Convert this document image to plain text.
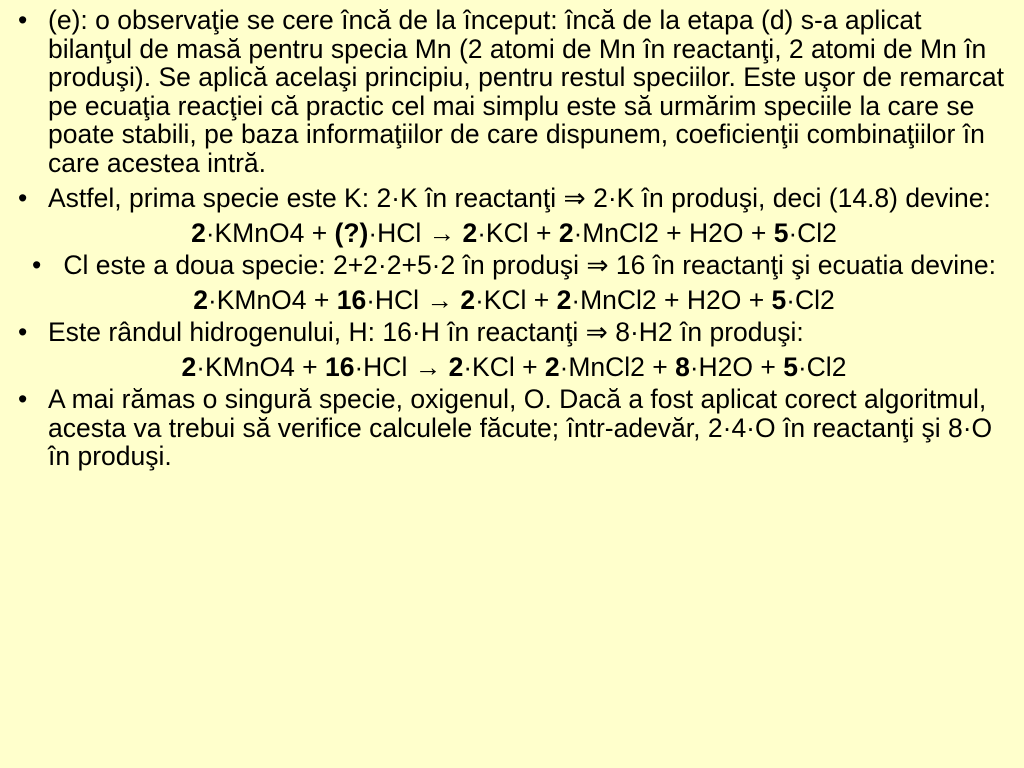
• (e): o observaţie se cere încă de la început: încă de la etapa (d) s-a aplicat bilanţul de masă pentru specia Mn (2 atomi de Mn în reactanţi, 2 atomi de Mn în produşi). Se aplică acelaşi principiu, pentru restul speciilor. Este uşor de remarcat pe ecuaţia reacţiei că practic cel mai simplu este să urmărim speciile la care se poate stabili, pe baza informaţiilor de care dispunem, coeficienţii combinaţiilor în care acestea intră.
• Astfel, prima specie este K: 2·K în reactanţi ⇒ 2·K în produşi, deci (14.8) devine:
2·KMnO4 + (?)·HCl → 2·KCl + 2·MnCl2 + H2O + 5·Cl2
• Cl este a doua specie: 2+2·2+5·2 în produşi ⇒ 16 în reactanţi şi ecuatia devine:
2·KMnO4 + 16·HCl → 2·KCl + 2·MnCl2 + H2O + 5·Cl2
• Este rândul hidrogenului, H: 16·H în reactanţi ⇒ 8·H2 în produşi:
2·KMnO4 + 16·HCl → 2·KCl + 2·MnCl2 + 8·H2O + 5·Cl2
• A mai rămas o singură specie, oxigenul, O. Dacă a fost aplicat corect algoritmul, acesta va trebui să verifice calculele făcute; într-adevăr, 2·4·O în reactanţi şi 8·O în produşi.
